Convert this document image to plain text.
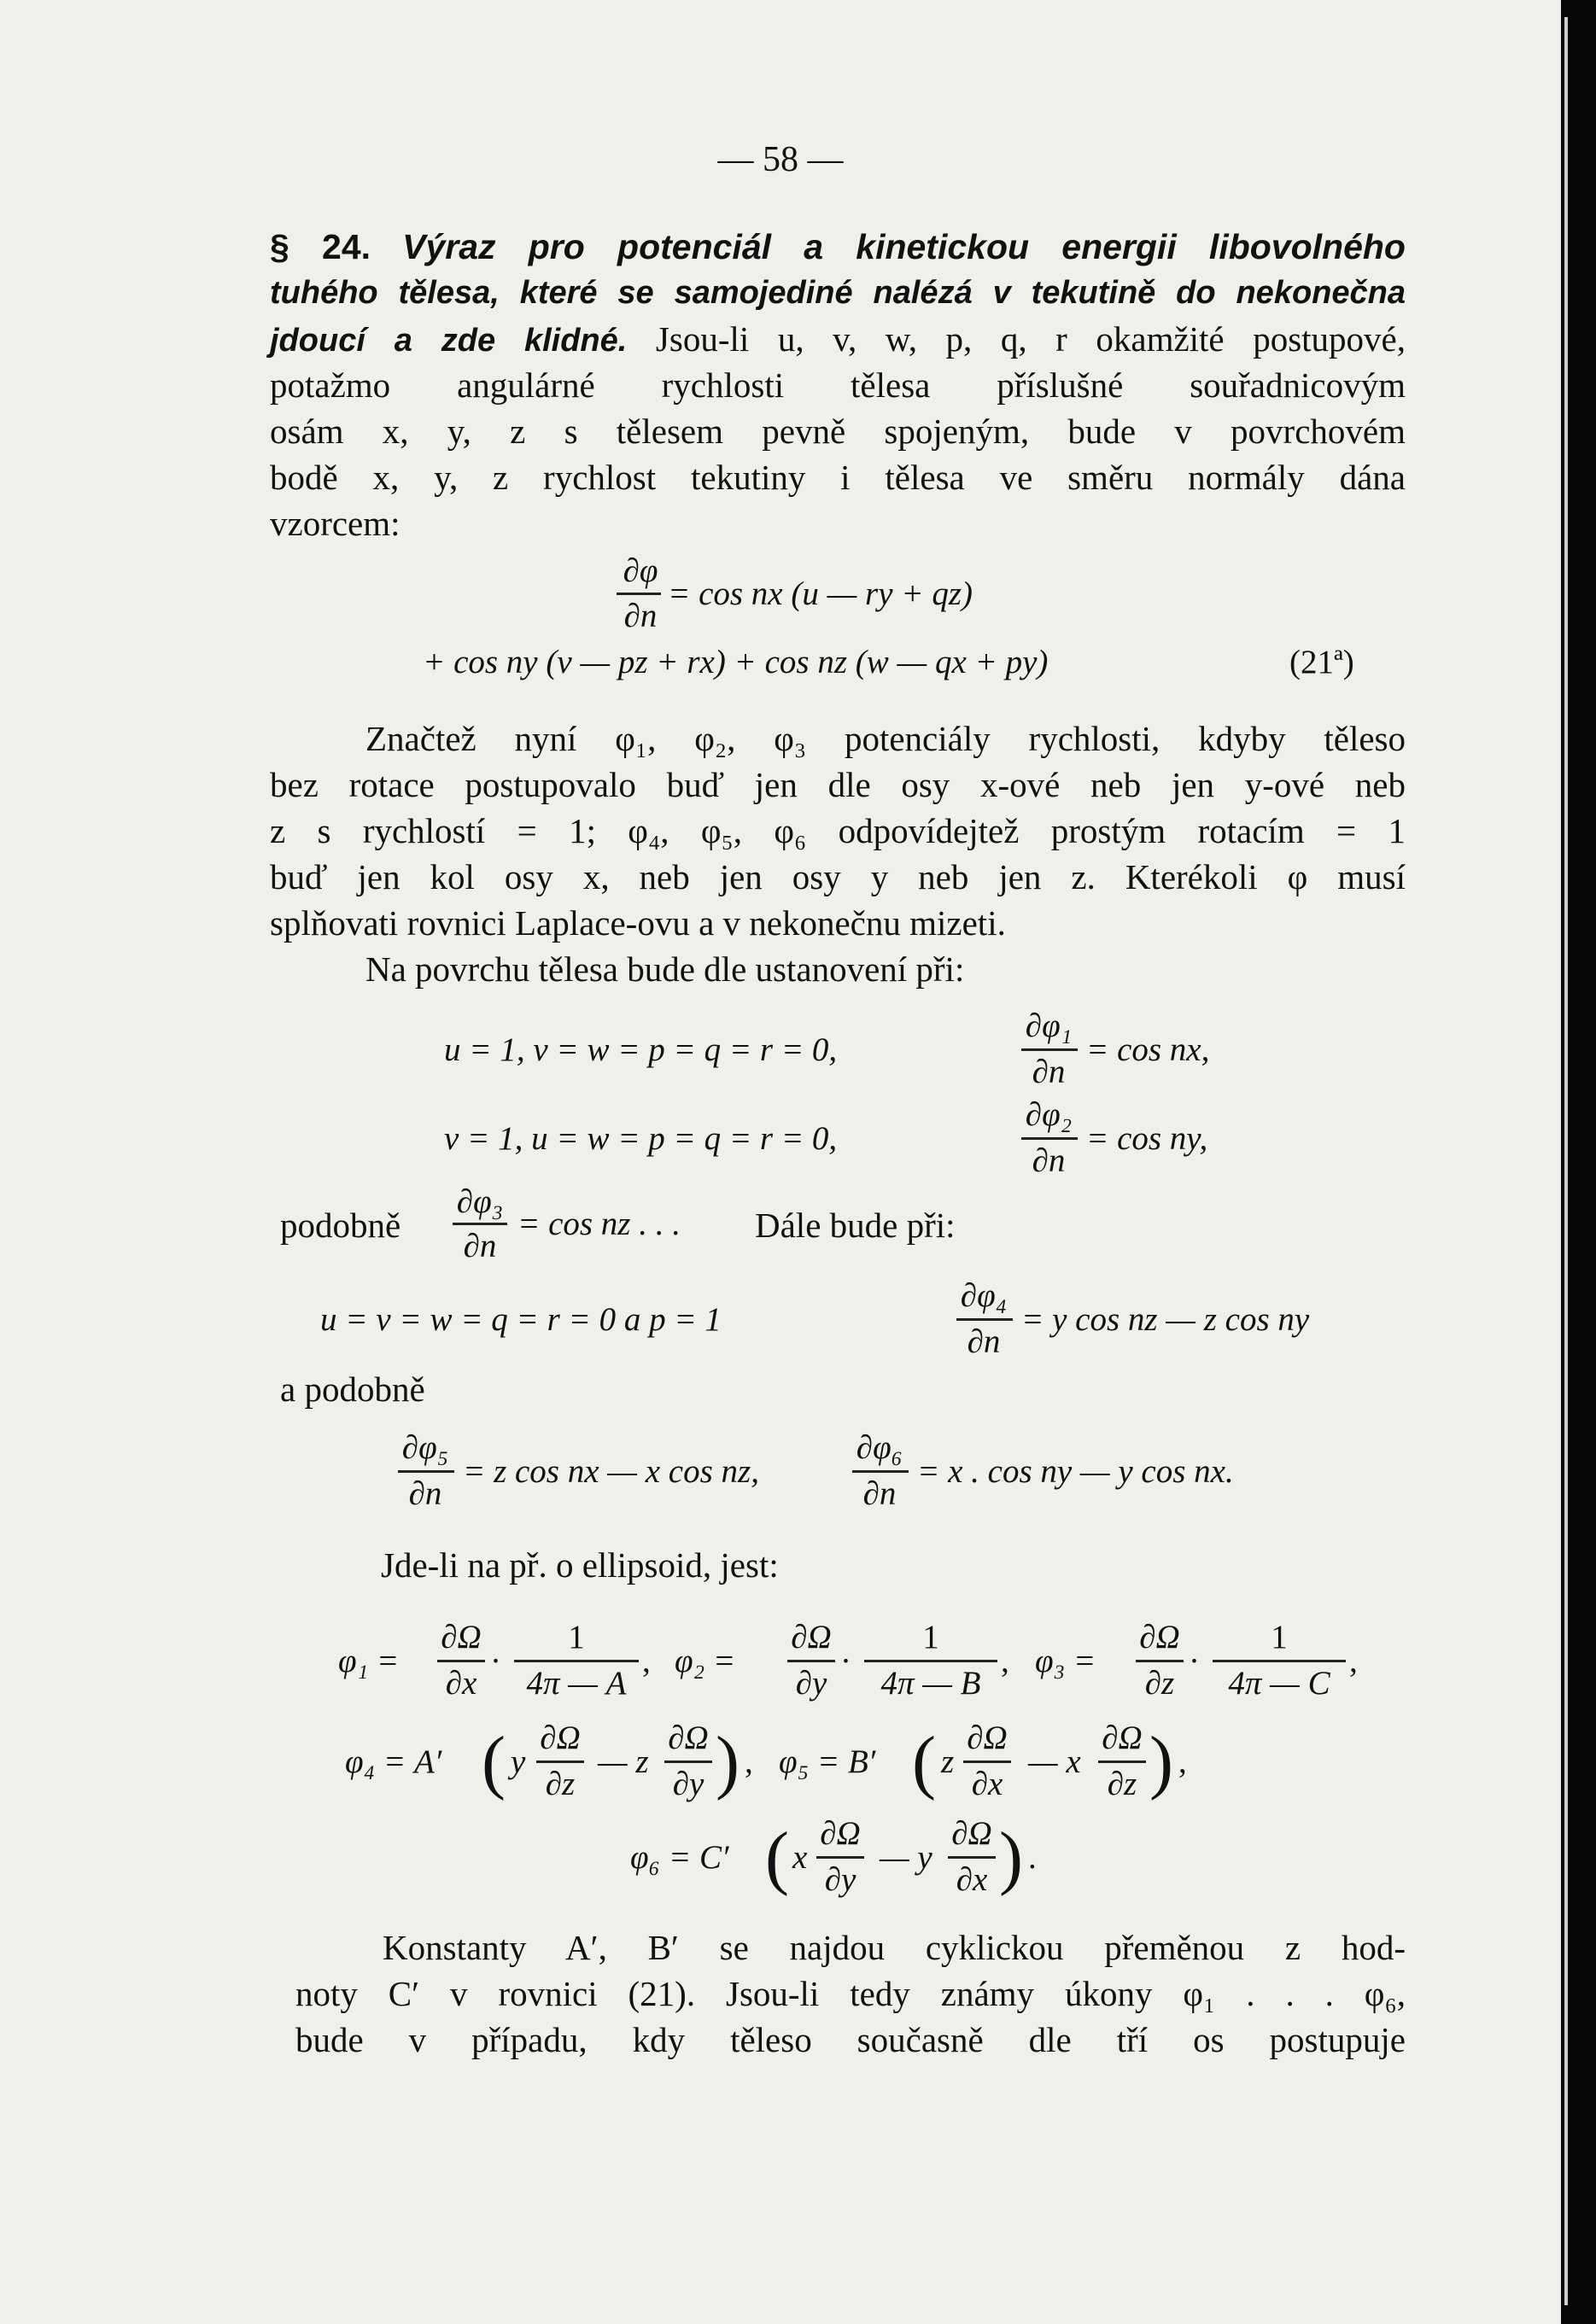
— 58 —
§ 24. Výraz pro potenciál a kinetickou energii libovolného
tuhého tělesa, které se samojediné nalézá v tekutině do nekonečna
jdoucí a zde klidné. Jsou-li u, v, w, p, q, r okamžité postupové,
potažmo angulárné rychlosti tělesa příslušné souřadnicovým
osám x, y, z s tělesem pevně spojeným, bude v povrchovém
bodě x, y, z rychlost tekutiny i tělesa ve směru normály dána
vzorcem:
∂φ
∂n
= cos nx (u — ry + qz)
+ cos ny (v — pz + rx) + cos nz (w — qx + py)	(21ª)
Značtež nyní φ₁, φ₂, φ₃ potenciály rychlosti, kdyby těleso
bez rotace postupovalo buď jen dle osy x-ové neb jen y-ové neb
z s rychlostí = 1; φ₄, φ₅, φ₆ odpovídejtež prostým rotacím = 1
buď jen kol osy x, neb jen osy y neb jen z. Kterékoli φ musí
splňovati rovnici Laplace-ovu a v nekonečnu mizeti.
Na povrchu tělesa bude dle ustanovení při:
u = 1, v = w = p = q = r = 0,
∂φ₁
∂n
= cos nx,
v = 1, u = w = p = q = r = 0,
∂φ₂
∂n
= cos ny,
podobně
∂φ₃
∂n
= cos nz . . . Dále bude při:
u = v = w = q = r = 0 a p = 1
∂φ₄
∂n
= y cos nz — z cos ny
a podobně
∂φ₅
∂n
= z cos nx — x cos nz,
∂φ₆
∂n
= x . cos ny — y cos nx.
Jde-li na př. o ellipsoid, jest:
φ₁ =
∂Ω
∂x
·
1
4π — A
, φ₂ =
∂Ω
∂y
·
1
4π — B
, φ₃ =
∂Ω
∂z
·
1
4π — C
,
φ₄ = A′ ( y
∂Ω
∂z
— z
∂Ω
∂y ) , φ₅ = B′ ( z
∂Ω
∂x
— x
∂Ω
∂z ) ,
φ₆ = C′ ( x
∂Ω
∂y
— y
∂Ω
∂x ) .
Konstanty A′, B′ se najdou cyklickou přeměnou z hod-
noty C′ v rovnici (21). Jsou-li tedy známy úkony φ₁ . . . φ₆,
bude v případu, kdy těleso současně dle tří os postupuje
